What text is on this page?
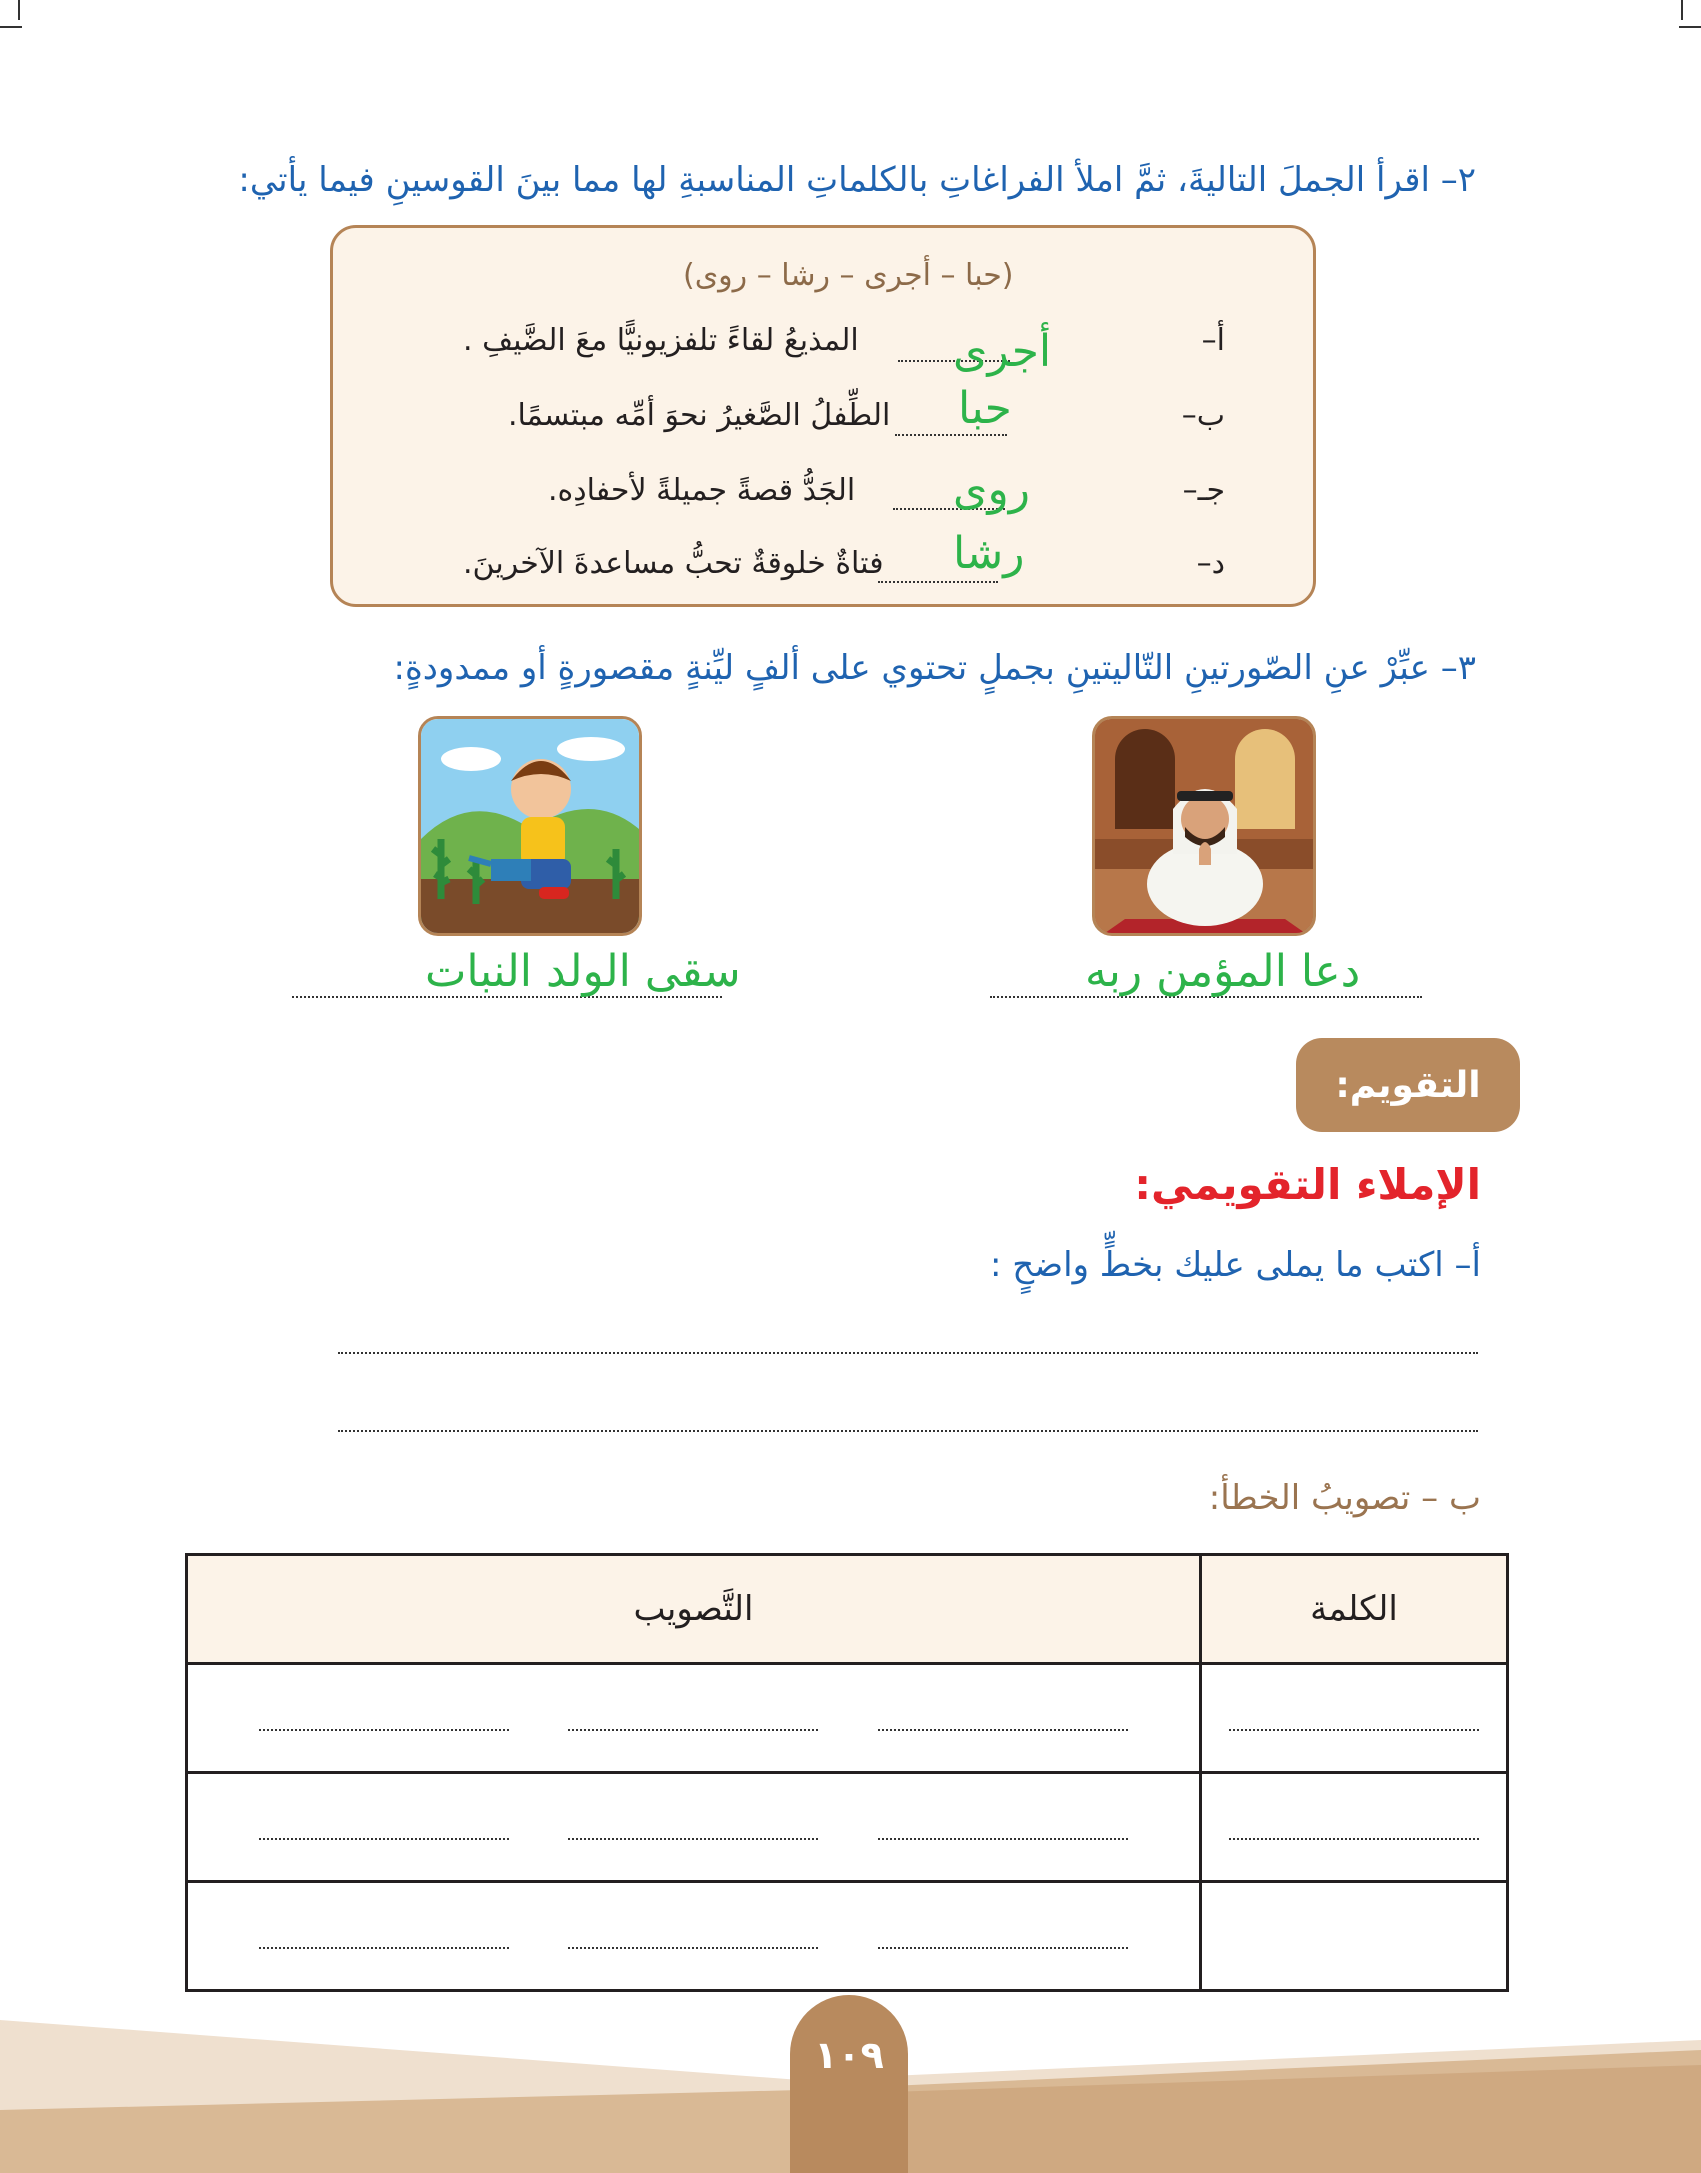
٢– اقرأ الجملَ التاليةَ، ثمَّ املأ الفراغاتِ بالكلماتِ المناسبةِ لها مما بينَ القوسينِ فيما يأتي:
(حبا – أجرى – رشا – روى)
أ–
المذيعُ لقاءً تلفزيونيًّا معَ الضَّيفِ . أجرى
ب–
الطِّفلُ الصَّغيرُ نحوَ أمِّه مبتسمًا. حبا
جـ–
الجَدُّ قصةً جميلةً لأحفادِه. روى
د–
فتاةٌ خلوقةٌ تحبُّ مساعدةَ الآخرينَ. رشا
٣– عبِّرْ عنِ الصّورتينِ التّاليتينِ بجملٍ تحتوي على ألفٍ ليِّنةٍ مقصورةٍ أو ممدودةٍ:
دعا المؤمن ربه
سقى الولد النبات
التقويم:
الإملاء التقويمي:
أ– اكتب ما يملى عليك بخطٍّ واضحٍ :
ب – تصويبُ الخطأ:
الكلمة	التَّصويب

١٠٩
